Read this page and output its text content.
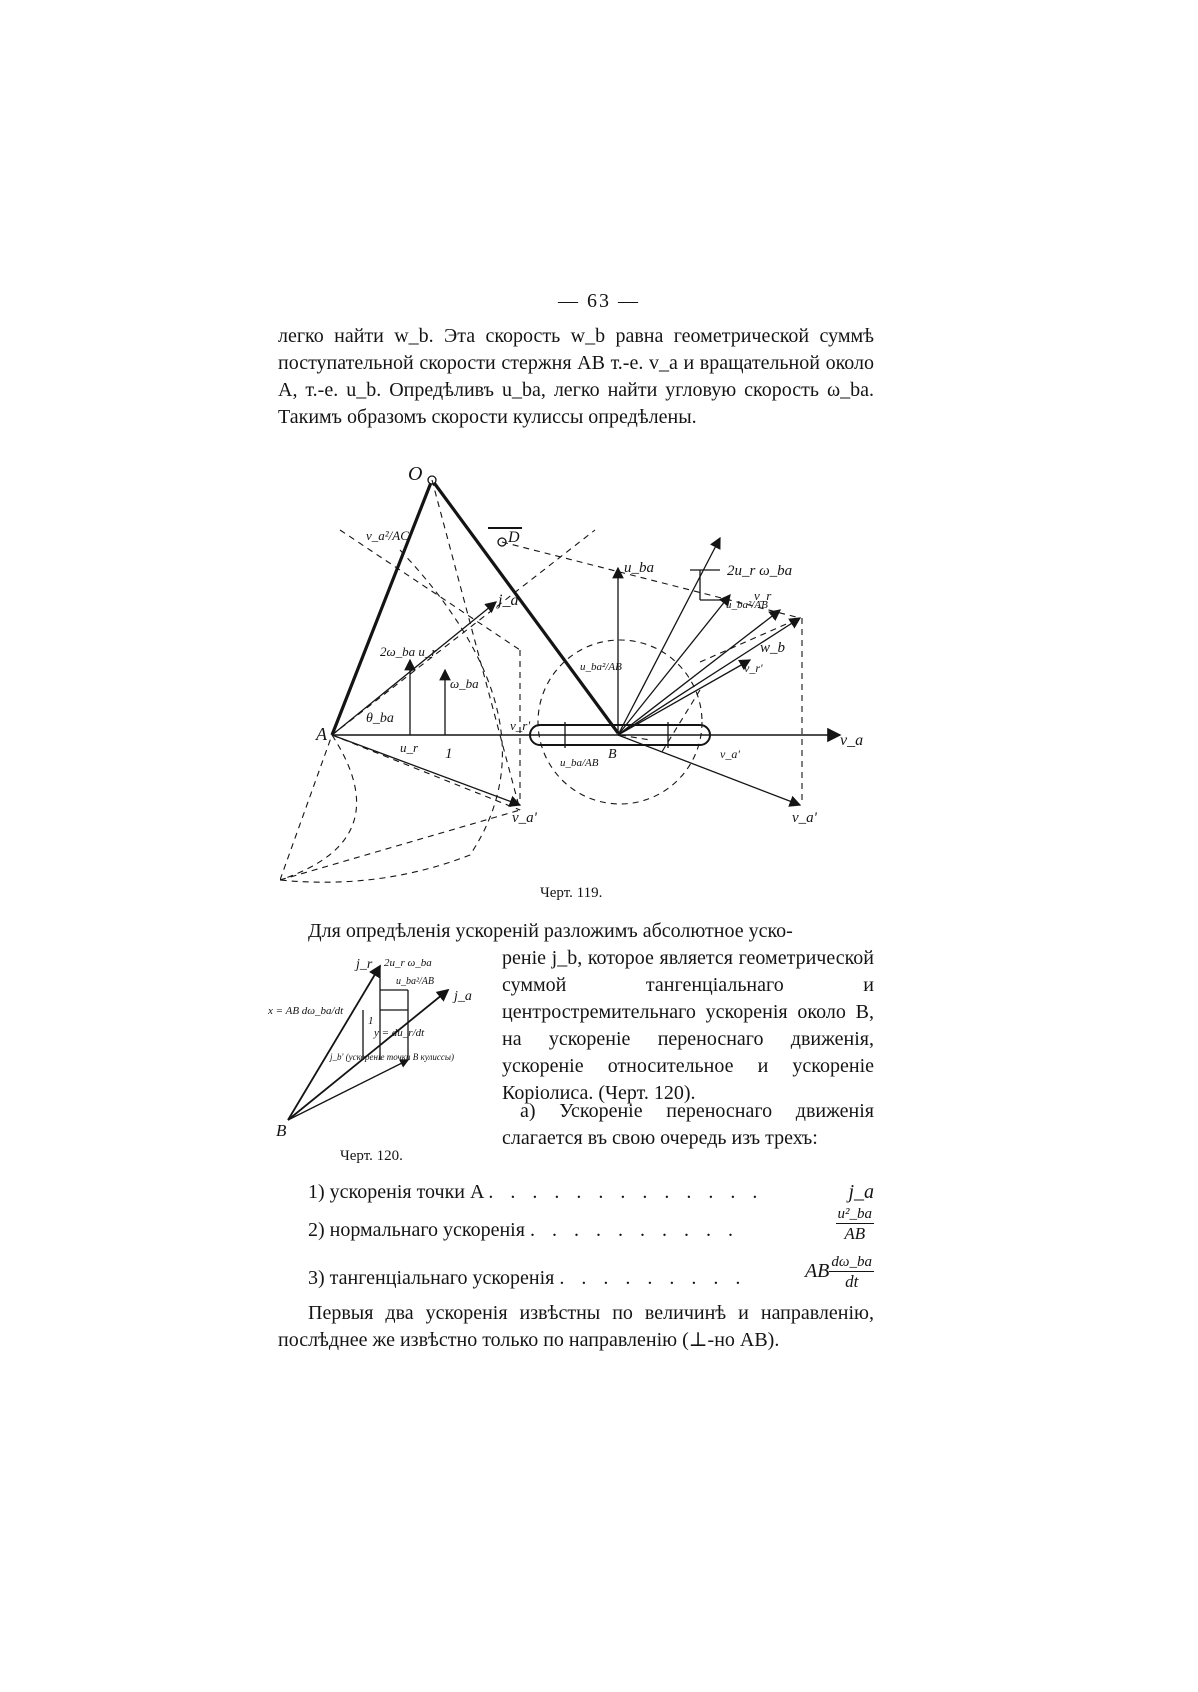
— 63 —

легко найти w_b. Эта скорость w_b равна геометрической суммѣ поступательной скорости стержня AB т.-е. v_a и вращательной около A, т.-е. u_b. Опредѣливъ u_ba, легко найти угловую скорость ω_ba. Такимъ образомъ скорости кулиссы опредѣлены.

O
D
A
B
j_a
u_ba	2u_r ω_ba
2ω_ba u_r
ω_ba
θ_ba
u_r 1
v_a²/AC
v_r'
u_ba/AB
u_ba²/AB
u_ba²/AB
w_b
v_r
v_r'
v_a
v_a'
v_a'	v_a'
Черт. 119.

Для опредѣленія ускореній разложимъ абсолютное уско-

j_r 2u_r ω_ba
u_ba²/AB
x = AB dω_ba/dt
j_a
y = du_r/dt
1
j_b' (ускореніе точки B кулиссы)
B
Черт. 120.

реніе j_b, которое является геометрической суммой тангенціальнаго и центростремительнаго ускоренія около B, на ускореніе переноснаго движенія, ускореніе относительное и ускореніе Коріолиса. (Черт. 120).

a) Ускореніе переноснаго движенія слагается въ свою очередь изъ трехъ:

1) ускоренія точки A . . . . . . . . . . . . .	j_a
2) нормальнаго ускоренія . . . . . . . . . .	$\frac{\text{u²\_ba}}{AB}$
3) тангенціальнаго ускоренія . . . . . . . . .	AB $\frac{d\omega\_ba}{dt}$

Первыя два ускоренія извѣстны по величинѣ и направленію, послѣднее же извѣстно только по направленію (⊥-но AB).
